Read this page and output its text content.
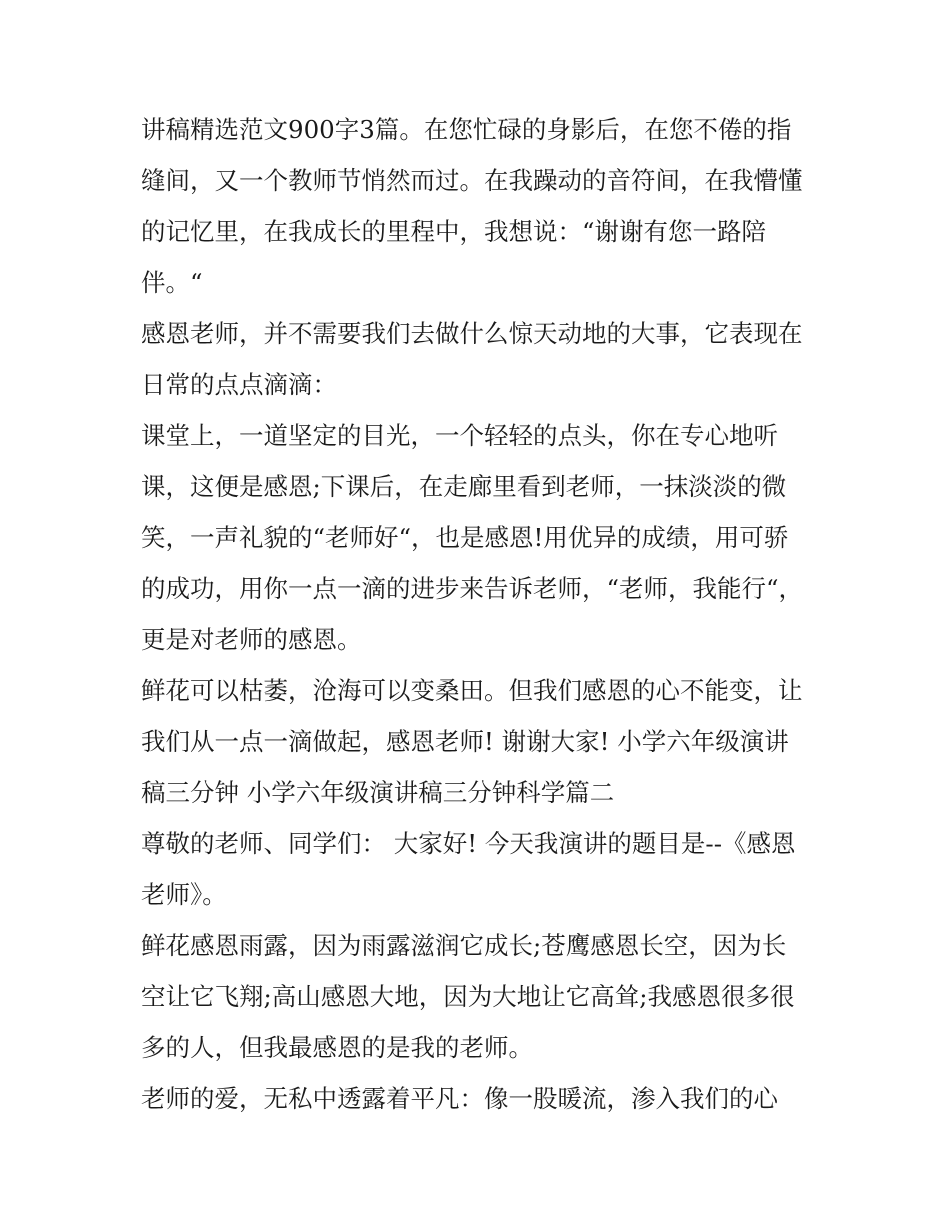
讲稿精选范文900字3篇。在您忙碌的身影后，在您不倦的指
缝间，又一个教师节悄然而过。在我躁动的音符间，在我懵懂
的记忆里，在我成长的里程中，我想说：“谢谢有您一路陪
伴。“
感恩老师，并不需要我们去做什么惊天动地的大事，它表现在
日常的点点滴滴：
课堂上，一道坚定的目光，一个轻轻的点头，你在专心地听
课，这便是感恩;下课后，在走廊里看到老师，一抹淡淡的微
笑，一声礼貌的“老师好“，也是感恩!用优异的成绩，用可骄
的成功，用你一点一滴的进步来告诉老师，“老师，我能行“，
更是对老师的感恩。
鲜花可以枯萎，沧海可以变桑田。但我们感恩的心不能变，让
我们从一点一滴做起，感恩老师! 谢谢大家! 小学六年级演讲
稿三分钟 小学六年级演讲稿三分钟科学篇二
尊敬的老师、同学们： 大家好! 今天我演讲的题目是--《感恩
老师》。
鲜花感恩雨露，因为雨露滋润它成长;苍鹰感恩长空，因为长
空让它飞翔;高山感恩大地，因为大地让它高耸;我感恩很多很
多的人，但我最感恩的是我的老师。
老师的爱，无私中透露着平凡：像一股暖流，渗入我们的心
